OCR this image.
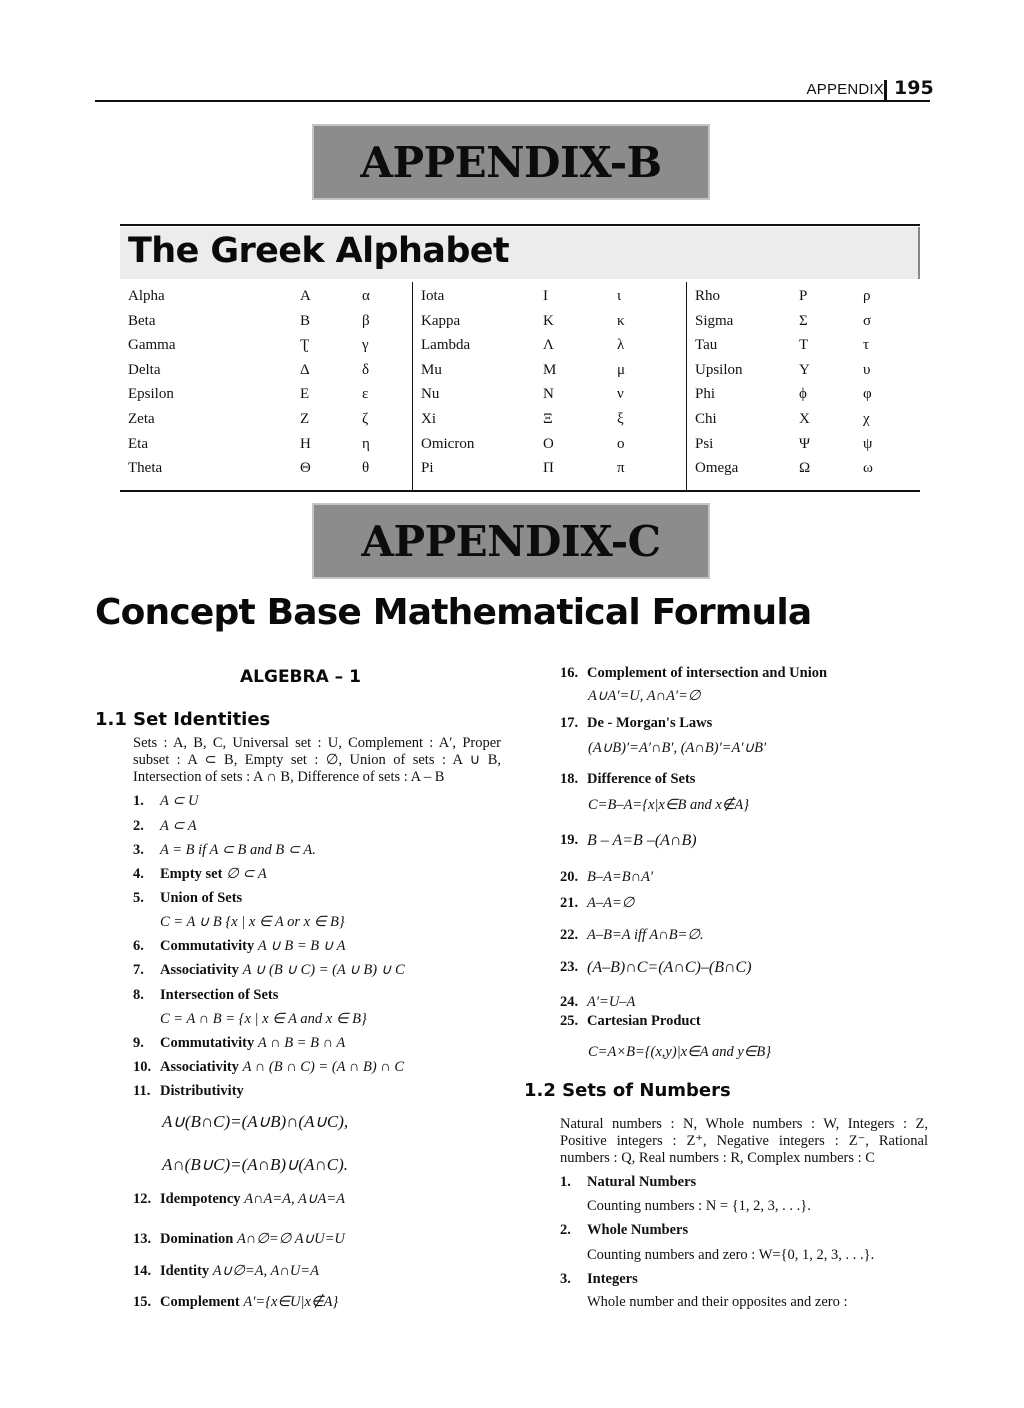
APPENDIX 195
APPENDIX-B
The Greek Alphabet
Alpha	A	α
Beta	B	β
Gamma	Ʈ	γ
Delta	Δ	δ
Epsilon	E	ε
Zeta	Z	ζ
Eta	H	η
Theta	Θ	θ
Iota	I	ι
Kappa	K	κ
Lambda	Λ	λ
Mu	M	μ
Nu	N	ν
Xi	Ξ	ξ
Omicron	O	o
Pi	Π	π
Rho	P	ρ
Sigma	Σ	σ
Tau	T	τ
Upsilon	Y	υ
Phi	ϕ	φ
Chi	X	χ
Psi	Ψ	ψ
Omega	Ω	ω
APPENDIX-C
Concept Base Mathematical Formula
ALGEBRA – 1
1.1 Set Identities
Sets : A, B, C, Universal set : U, Complement : A′, Proper subset : A ⊂ B, Empty set : ∅, Union of sets : A ∪ B, Intersection of sets : A ∩ B, Difference of sets : A – B
1. A ⊂ U
2. A ⊂ A
3. A = B if A ⊂ B and B ⊂ A.
4. Empty set ∅ ⊂ A
5. Union of Sets
C = A ∪ B {x | x ∈ A or x ∈ B}
6. Commutativity A ∪ B = B ∪ A
7. Associativity A ∪ (B ∪ C) = (A ∪ B) ∪ C
8. Intersection of Sets
C = A ∩ B = {x | x ∈ A and x ∈ B}
9. Commutativity A ∩ B = B ∩ A
10. Associativity A ∩ (B ∩ C) = (A ∩ B) ∩ C
11. Distributivity
A∪(B∩C)=(A∪B)∩(A∪C),
A∩(B∪C)=(A∩B)∪(A∩C).
12. Idempotency A∩A=A, A∪A=A
13. Domination A∩∅=∅ A∪U=U
14. Identity A∪∅=A, A∩U=A
15. Complement A′={x∈U|x∉A}
16. Complement of intersection and Union
A∪A′=U, A∩A′=∅
17. De - Morgan's Laws
(A∪B)′=A′∩B′, (A∩B)′=A′∪B′
18. Difference of Sets
C=B–A={x|x∈B and x∉A}
19. B – A=B –(A∩B)
20. B–A=B∩A′
21. A–A=∅
22. A–B=A iff A∩B=∅.
23. (A–B)∩C=(A∩C)–(B∩C)
24. A′=U–A
25. Cartesian Product
C=A×B={(x,y)|x∈A and y∈B}
1.2 Sets of Numbers
Natural numbers : N, Whole numbers : W, Integers : Z, Positive integers : Z⁺, Negative integers : Z⁻, Rational numbers : Q, Real numbers : R, Complex numbers : C
1. Natural Numbers
Counting numbers : N = {1, 2, 3, . . .}.
2. Whole Numbers
Counting numbers and zero : W={0, 1, 2, 3, . . .}.
3. Integers
Whole number and their opposites and zero :
